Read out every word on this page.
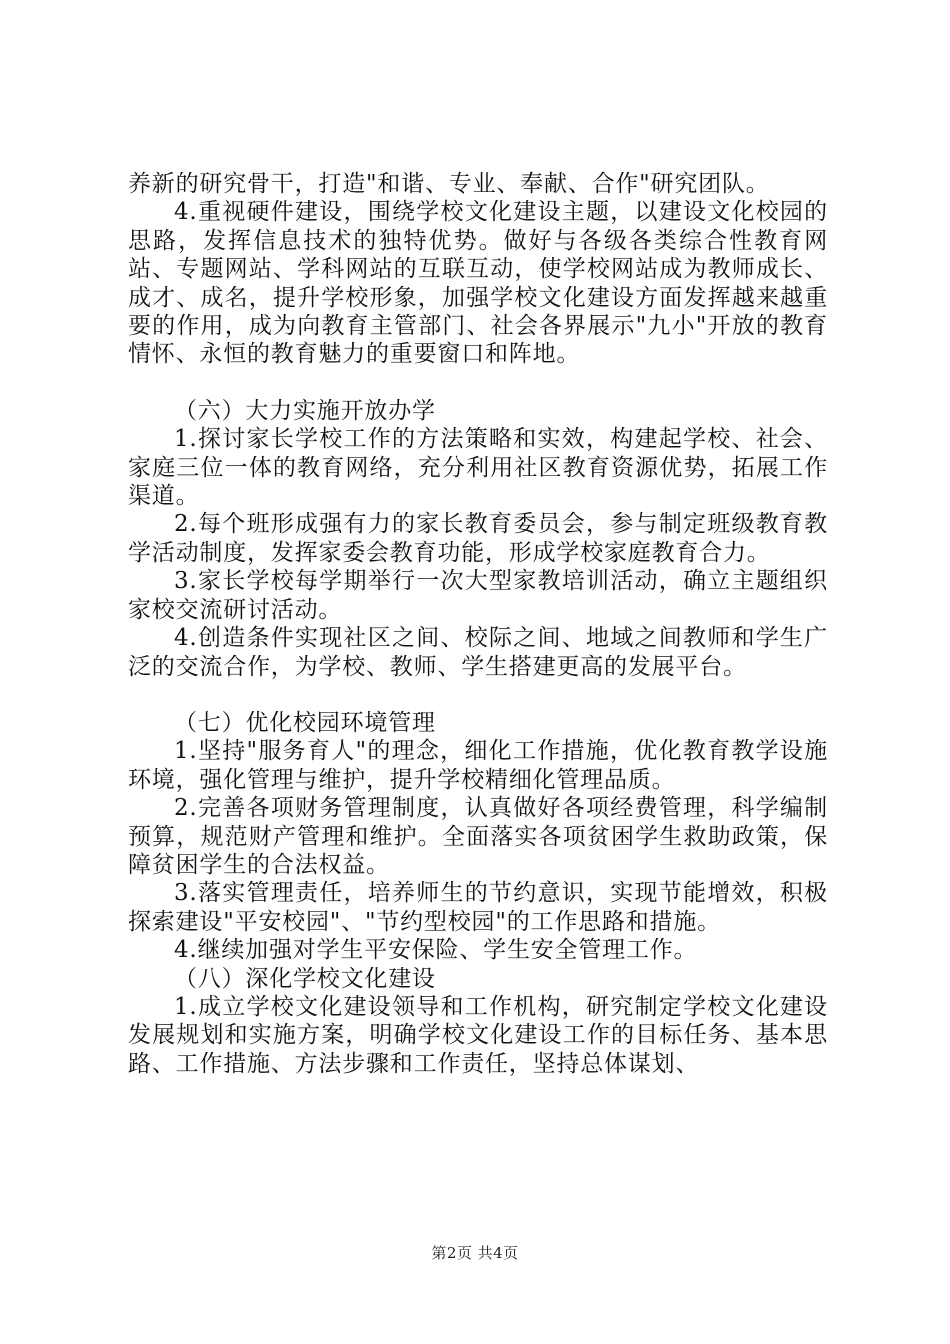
养新的研究骨干，打造"和谐、专业、奉献、合作"研究团队。

4.重视硬件建设，围绕学校文化建设主题，以建设文化校园的思路，发挥信息技术的独特优势。做好与各级各类综合性教育网站、专题网站、学科网站的互联互动，使学校网站成为教师成长、成才、成名，提升学校形象，加强学校文化建设方面发挥越来越重要的作用，成为向教育主管部门、社会各界展示"九小"开放的教育情怀、永恒的教育魅力的重要窗口和阵地。

（六）大力实施开放办学

1.探讨家长学校工作的方法策略和实效，构建起学校、社会、家庭三位一体的教育网络，充分利用社区教育资源优势，拓展工作渠道。

2.每个班形成强有力的家长教育委员会，参与制定班级教育教学活动制度，发挥家委会教育功能，形成学校家庭教育合力。

3.家长学校每学期举行一次大型家教培训活动，确立主题组织家校交流研讨活动。

4.创造条件实现社区之间、校际之间、地域之间教师和学生广泛的交流合作，为学校、教师、学生搭建更高的发展平台。

（七）优化校园环境管理

1.坚持"服务育人"的理念，细化工作措施，优化教育教学设施环境，强化管理与维护，提升学校精细化管理品质。

2.完善各项财务管理制度，认真做好各项经费管理，科学编制预算，规范财产管理和维护。全面落实各项贫困学生救助政策，保障贫困学生的合法权益。

3.落实管理责任，培养师生的节约意识，实现节能增效，积极探索建设"平安校园"、"节约型校园"的工作思路和措施。

4.继续加强对学生平安保险、学生安全管理工作。

（八）深化学校文化建设

1.成立学校文化建设领导和工作机构，研究制定学校文化建设发展规划和实施方案，明确学校文化建设工作的目标任务、基本思路、工作措施、方法步骤和工作责任，坚持总体谋划、

第2页 共4页
